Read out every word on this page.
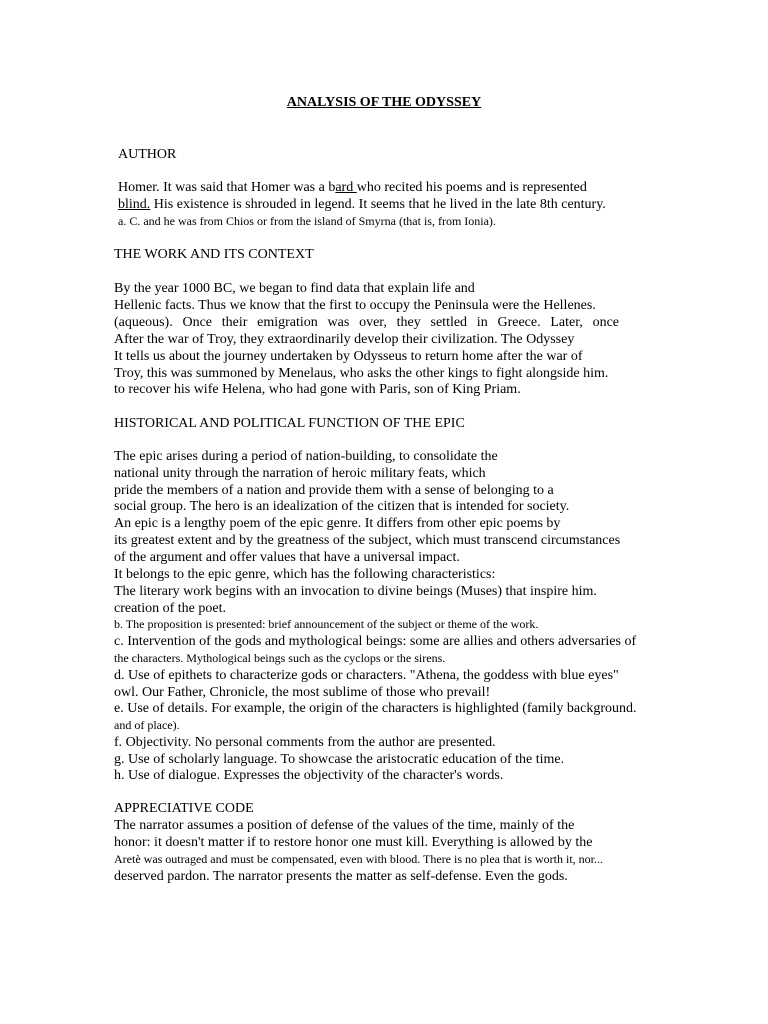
ANALYSIS OF THE ODYSSEY
AUTHOR
Homer. It was said that Homer was a bard who recited his poems and is represented
blind. His existence is shrouded in legend. It seems that he lived in the late 8th century.
a. C. and he was from Chios or from the island of Smyrna (that is, from Ionia).
THE WORK AND ITS CONTEXT
By the year 1000 BC, we began to find data that explain life and
Hellenic facts. Thus we know that the first to occupy the Peninsula were the Hellenes.
(aqueous). Once their emigration was over, they settled in Greece. Later, once
After the war of Troy, they extraordinarily develop their civilization. The Odyssey
It tells us about the journey undertaken by Odysseus to return home after the war of
Troy, this was summoned by Menelaus, who asks the other kings to fight alongside him.
to recover his wife Helena, who had gone with Paris, son of King Priam.
HISTORICAL AND POLITICAL FUNCTION OF THE EPIC
The epic arises during a period of nation-building, to consolidate the
national unity through the narration of heroic military feats, which
pride the members of a nation and provide them with a sense of belonging to a
social group. The hero is an idealization of the citizen that is intended for society.
An epic is a lengthy poem of the epic genre. It differs from other epic poems by
its greatest extent and by the greatness of the subject, which must transcend circumstances
of the argument and offer values that have a universal impact.
It belongs to the epic genre, which has the following characteristics:
The literary work begins with an invocation to divine beings (Muses) that inspire him.
creation of the poet.
b. The proposition is presented: brief announcement of the subject or theme of the work.
c. Intervention of the gods and mythological beings: some are allies and others adversaries of
the characters. Mythological beings such as the cyclops or the sirens.
d. Use of epithets to characterize gods or characters. "Athena, the goddess with blue eyes"
owl. Our Father, Chronicle, the most sublime of those who prevail!
e. Use of details. For example, the origin of the characters is highlighted (family background.
and of place).
f. Objectivity. No personal comments from the author are presented.
g. Use of scholarly language. To showcase the aristocratic education of the time.
h. Use of dialogue. Expresses the objectivity of the character's words.
APPRECIATIVE CODE
The narrator assumes a position of defense of the values of the time, mainly of the
honor: it doesn't matter if to restore honor one must kill. Everything is allowed by the
Aretè was outraged and must be compensated, even with blood. There is no plea that is worth it, nor...
deserved pardon. The narrator presents the matter as self-defense. Even the gods.
